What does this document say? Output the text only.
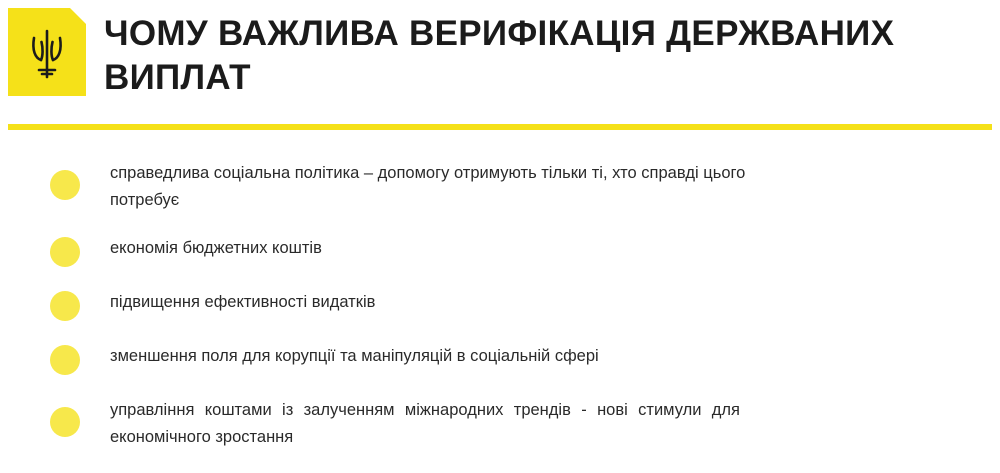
ЧОМУ ВАЖЛИВА ВЕРИФІКАЦІЯ ДЕРЖВАНИХ ВИПЛАТ
справедлива соціальна політика – допомогу отримують тільки ті, хто справді цього потребує
економія бюджетних коштів
підвищення ефективності видатків
зменшення поля для корупції та манiпуляцій в соціальній сфері
управління коштами із залученням міжнародних трендів - нові стимули для економічного зростання
